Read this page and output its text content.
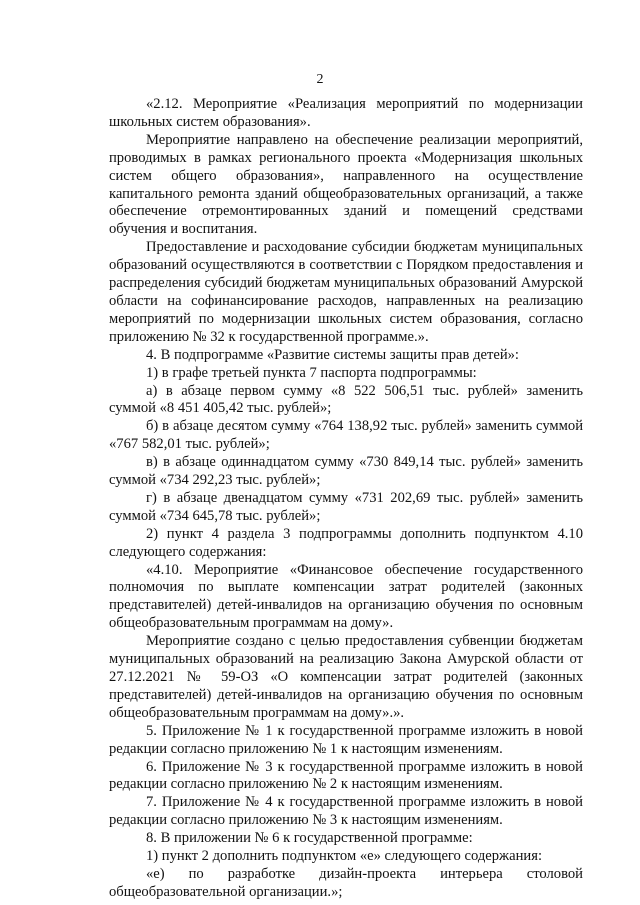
2

«2.12. Мероприятие «Реализация мероприятий по модернизации школьных систем образования».

Мероприятие направлено на обеспечение реализации мероприятий, проводимых в рамках регионального проекта «Модернизация школьных систем общего образования», направленного на осуществление капитального ремонта зданий общеобразовательных организаций, а также обеспечение отремонтированных зданий и помещений средствами обучения и воспитания.

Предоставление и расходование субсидии бюджетам муниципальных образований осуществляются в соответствии с Порядком предоставления и распределения субсидий бюджетам муниципальных образований Амурской области на софинансирование расходов, направленных на реализацию мероприятий по модернизации школьных систем образования, согласно приложению № 32 к государственной программе.».

4. В подпрограмме «Развитие системы защиты прав детей»:

1) в графе третьей пункта 7 паспорта подпрограммы:

а) в абзаце первом сумму «8 522 506,51 тыс. рублей» заменить суммой «8 451 405,42 тыс. рублей»;

б) в абзаце десятом сумму «764 138,92 тыс. рублей» заменить суммой «767 582,01 тыс. рублей»;

в) в абзаце одиннадцатом сумму «730 849,14 тыс. рублей» заменить суммой «734 292,23 тыс. рублей»;

г) в абзаце двенадцатом сумму «731 202,69 тыс. рублей» заменить суммой «734 645,78 тыс. рублей»;

2) пункт 4 раздела 3 подпрограммы дополнить подпунктом 4.10 следующего содержания:

«4.10. Мероприятие «Финансовое обеспечение государственного полномочия по выплате компенсации затрат родителей (законных представителей) детей-инвалидов на организацию обучения по основным общеобразовательным программам на дому».

Мероприятие создано с целью предоставления субвенции бюджетам муниципальных образований на реализацию Закона Амурской области от 27.12.2021 № 59-ОЗ «О компенсации затрат родителей (законных представителей) детей-инвалидов на организацию обучения по основным общеобразовательным программам на дому».».

5. Приложение № 1 к государственной программе изложить в новой редакции согласно приложению № 1 к настоящим изменениям.

6. Приложение № 3 к государственной программе изложить в новой редакции согласно приложению № 2 к настоящим изменениям.

7. Приложение № 4 к государственной программе изложить в новой редакции согласно приложению № 3 к настоящим изменениям.

8. В приложении № 6 к государственной программе:

1) пункт 2 дополнить подпунктом «е» следующего содержания:

«е) по разработке дизайн-проекта интерьера столовой общеобразовательной организации.»;
